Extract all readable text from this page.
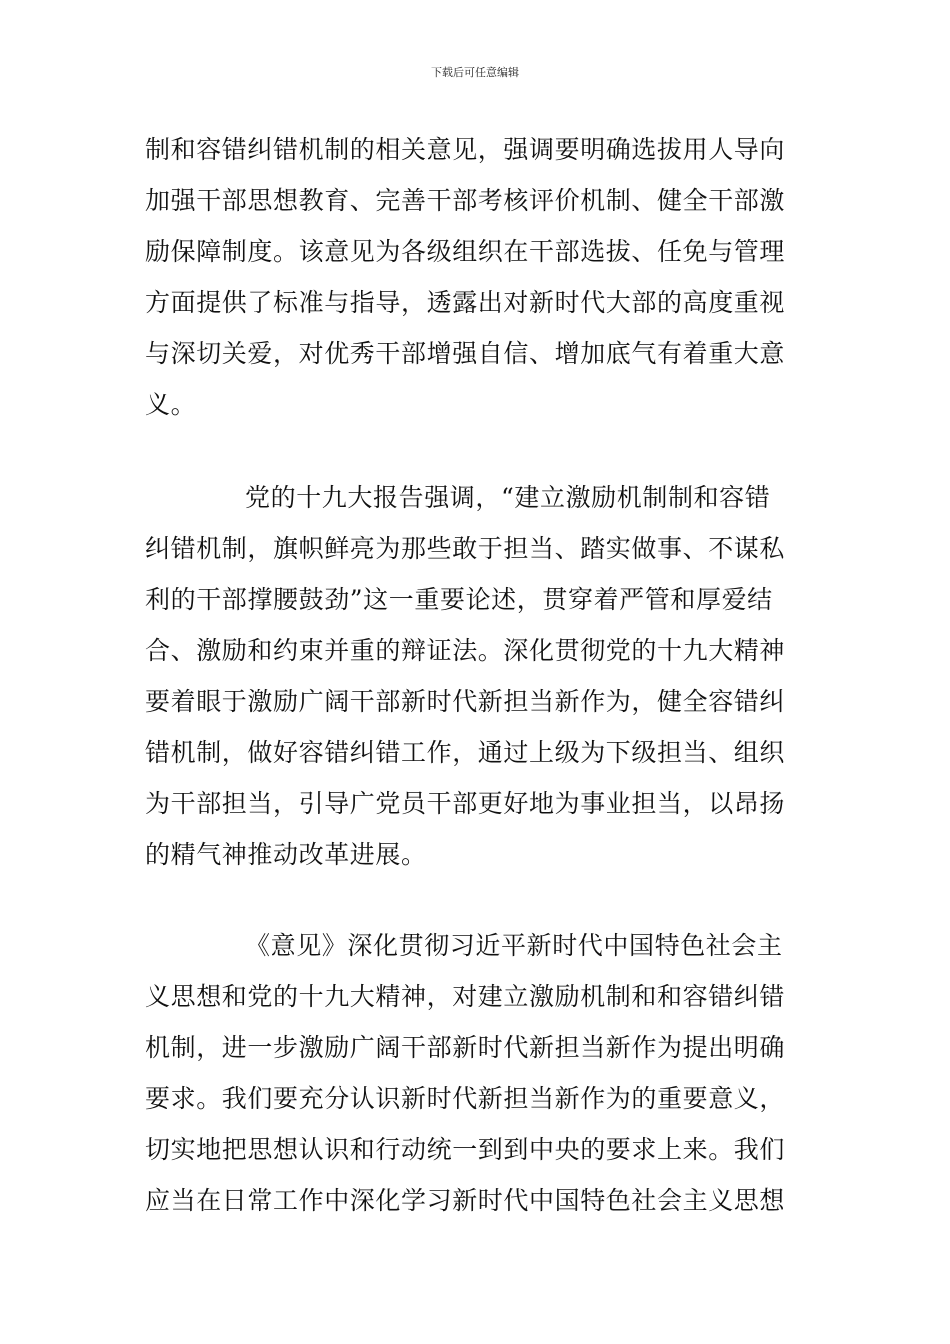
下载后可任意编辑
制和容错纠错机制的相关意见，强调要明确选拔用人导向
加强干部思想教育、完善干部考核评价机制、健全干部激
励保障制度。该意见为各级组织在干部选拔、任免与管理
方面提供了标准与指导，透露出对新时代大部的高度重视
与深切关爱，对优秀干部增强自信、增加底气有着重大意
义。
党的十九大报告强调，“建立激励机制制和容错
纠错机制，旗帜鲜亮为那些敢于担当、踏实做事、不谋私
利的干部撑腰鼓劲”这一重要论述，贯穿着严管和厚爱结
合、激励和约束并重的辩证法。深化贯彻党的十九大精神
要着眼于激励广阔干部新时代新担当新作为，健全容错纠
错机制，做好容错纠错工作，通过上级为下级担当、组织
为干部担当，引导广党员干部更好地为事业担当，以昂扬
的精气神推动改革进展。
《意见》深化贯彻习近平新时代中国特色社会主
义思想和党的十九大精神，对建立激励机制和和容错纠错
机制，进一步激励广阔干部新时代新担当新作为提出明确
要求。我们要充分认识新时代新担当新作为的重要意义，
切实地把思想认识和行动统一到到中央的要求上来。我们
应当在日常工作中深化学习新时代中国特色社会主义思想
